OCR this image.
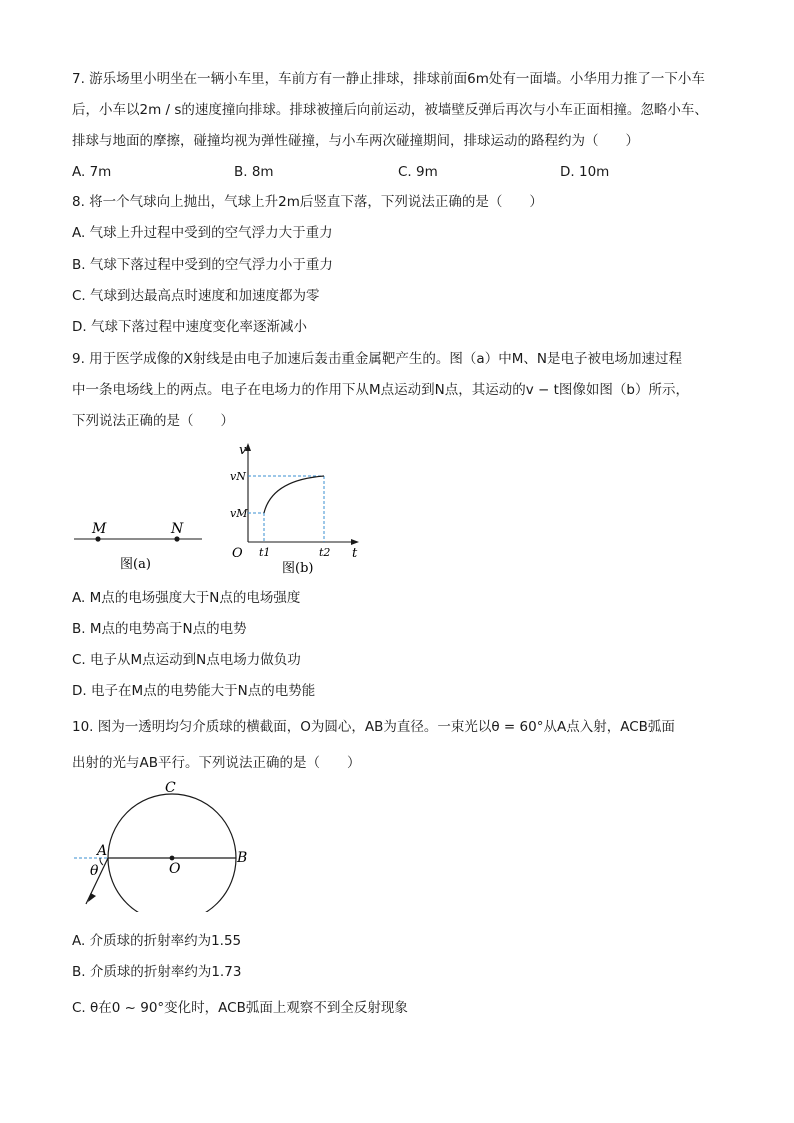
7. 游乐场里小明坐在一辆小车里，车前方有一静止排球，排球前面6m处有一面墙。小华用力推了一下小车
后，小车以2m / s的速度撞向排球。排球被撞后向前运动，被墙壁反弹后再次与小车正面相撞。忽略小车、
排球与地面的摩擦，碰撞均视为弹性碰撞，与小车两次碰撞期间，排球运动的路程约为（　　）
A. 7m	B. 8m	C. 9m	D. 10m
8. 将一个气球向上抛出，气球上升2m后竖直下落，下列说法正确的是（　　）
A. 气球上升过程中受到的空气浮力大于重力
B. 气球下落过程中受到的空气浮力小于重力
C. 气球到达最高点时速度和加速度都为零
D. 气球下落过程中速度变化率逐渐减小
9. 用于医学成像的X射线是由电子加速后轰击重金属靶产生的。图（a）中M、N是电子被电场加速过程
中一条电场线上的两点。电子在电场力的作用下从M点运动到N点，其运动的v − t图像如图（b）所示，
下列说法正确的是（　　）
M	N
图(a)
v
t
O
vN
vM
t1	t2
图(b)
A. M点的电场强度大于N点的电场强度
B. M点的电势高于N点的电势
C. 电子从M点运动到N点电场力做负功
D. 电子在M点的电势能大于N点的电势能
10. 图为一透明均匀介质球的横截面，O为圆心，AB为直径。一束光以θ = 60°从A点入射，ACB弧面
出射的光与AB平行。下列说法正确的是（　　）
C
A	B
O
θ
A. 介质球的折射率约为1.55
B. 介质球的折射率约为1.73
C. θ在0 ~ 90°变化时，ACB弧面上观察不到全反射现象
